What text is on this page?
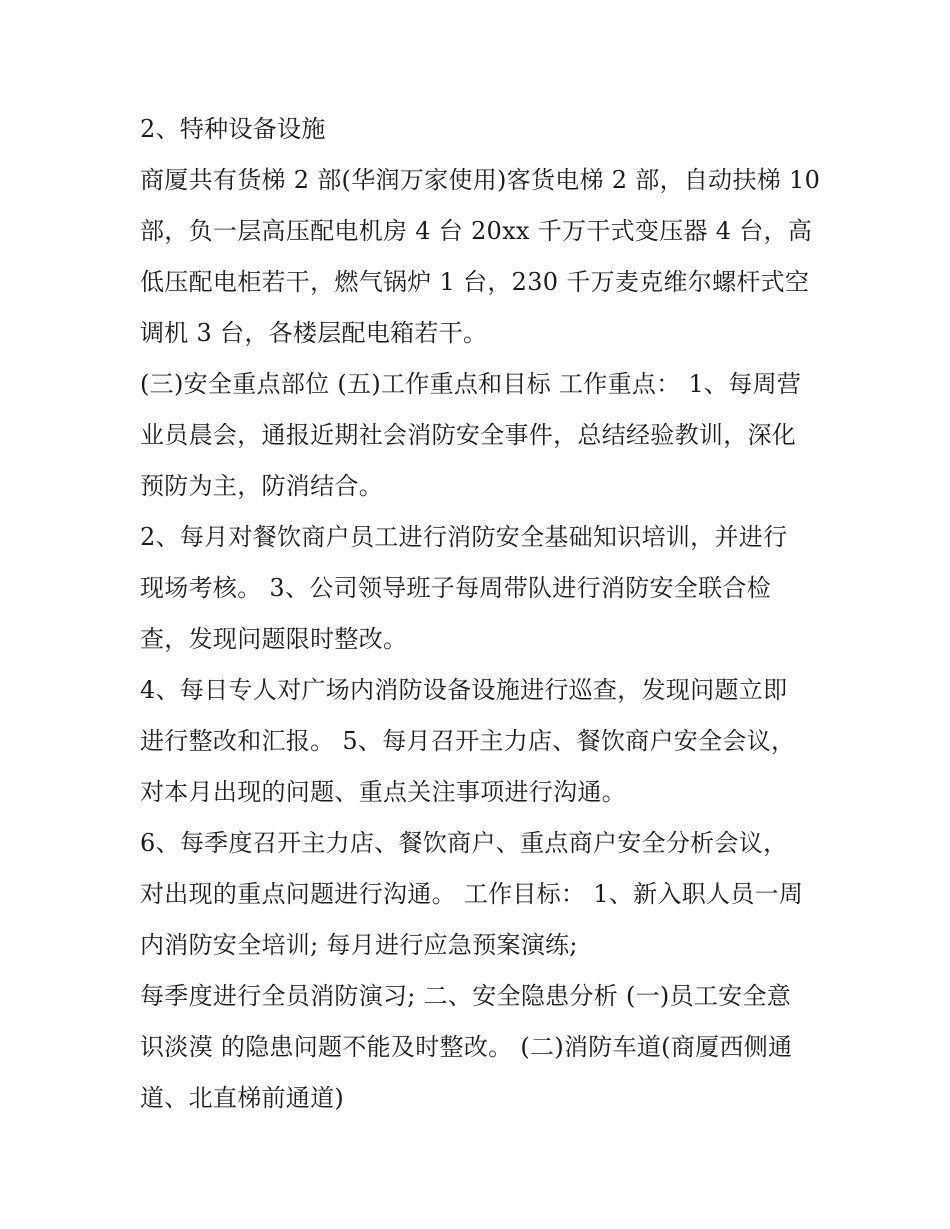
2、特种设备设施
商厦共有货梯 2 部(华润万家使用)客货电梯 2 部，自动扶梯 10
部，负一层高压配电机房 4 台 20xx 千万干式变压器 4 台，高
低压配电柜若干，燃气锅炉 1 台，230 千万麦克维尔螺杆式空
调机 3 台，各楼层配电箱若干。
(三)安全重点部位 (五)工作重点和目标 工作重点： 1、每周营
业员晨会，通报近期社会消防安全事件，总结经验教训，深化
预防为主，防消结合。
2、每月对餐饮商户员工进行消防安全基础知识培训，并进行
现场考核。 3、公司领导班子每周带队进行消防安全联合检
查，发现问题限时整改。
4、每日专人对广场内消防设备设施进行巡查，发现问题立即
进行整改和汇报。 5、每月召开主力店、餐饮商户安全会议，
对本月出现的问题、重点关注事项进行沟通。
6、每季度召开主力店、餐饮商户、重点商户安全分析会议，
对出现的重点问题进行沟通。 工作目标： 1、新入职人员一周
内消防安全培训; 每月进行应急预案演练;
每季度进行全员消防演习; 二、安全隐患分析 (一)员工安全意
识淡漠 的隐患问题不能及时整改。 (二)消防车道(商厦西侧通
道、北直梯前通道)
